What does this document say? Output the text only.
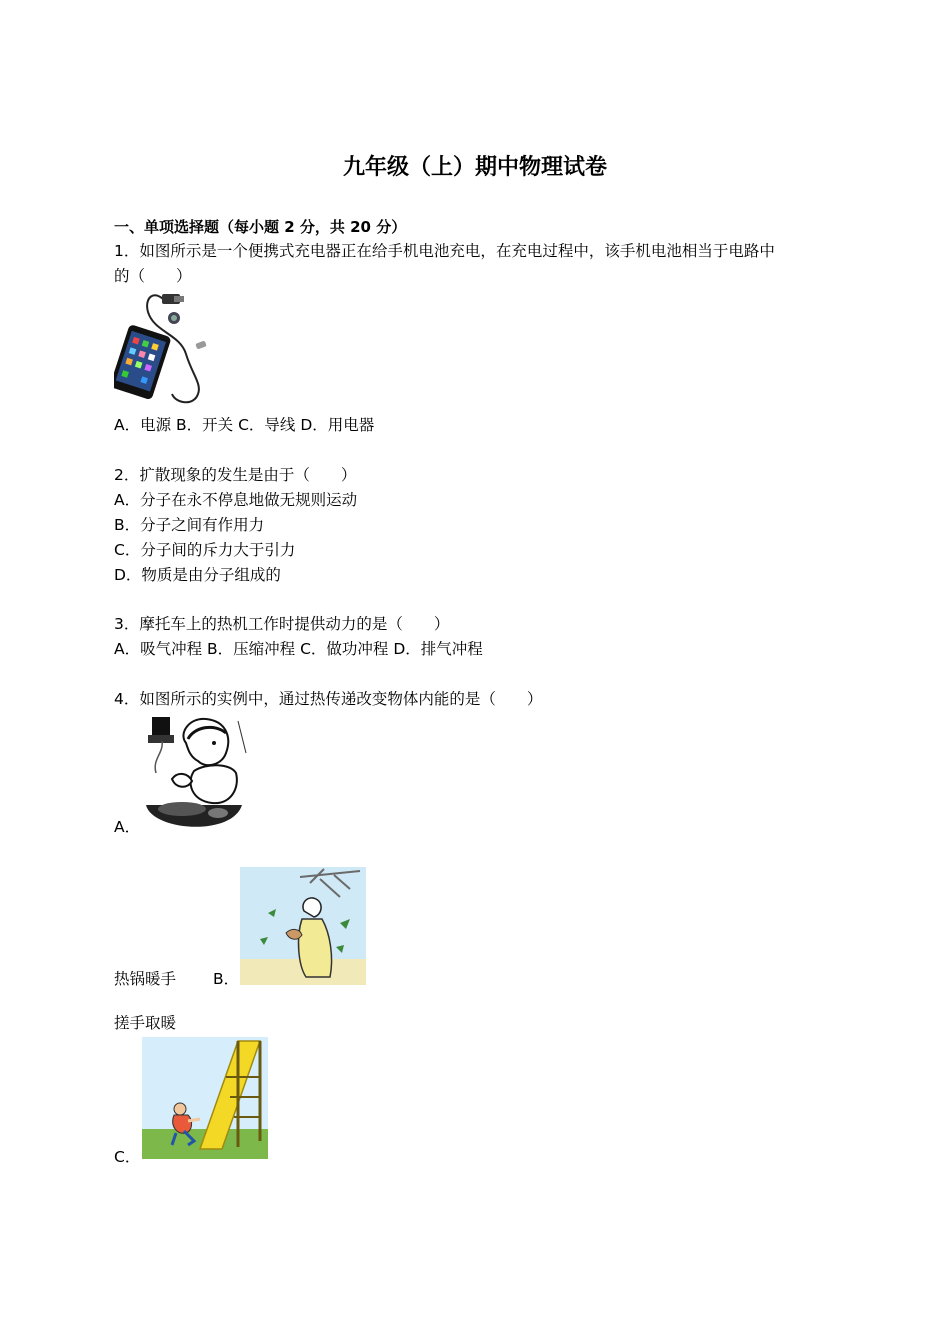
九年级（上）期中物理试卷
一、单项选择题（每小题 2 分，共 20 分）
1．如图所示是一个便携式充电器正在给手机电池充电，在充电过程中，该手机电池相当于电路中
的（　　）
A．电源 B．开关 C．导线 D．用电器
2．扩散现象的发生是由于（　　）
A．分子在永不停息地做无规则运动
B．分子之间有作用力
C．分子间的斥力大于引力
D．物质是由分子组成的
3．摩托车上的热机工作时提供动力的是（　　）
A．吸气冲程 B．压缩冲程 C．做功冲程 D．排气冲程
4．如图所示的实例中，通过热传递改变物体内能的是（　　）
A．
热锅暖手 B．
搓手取暖
C．
